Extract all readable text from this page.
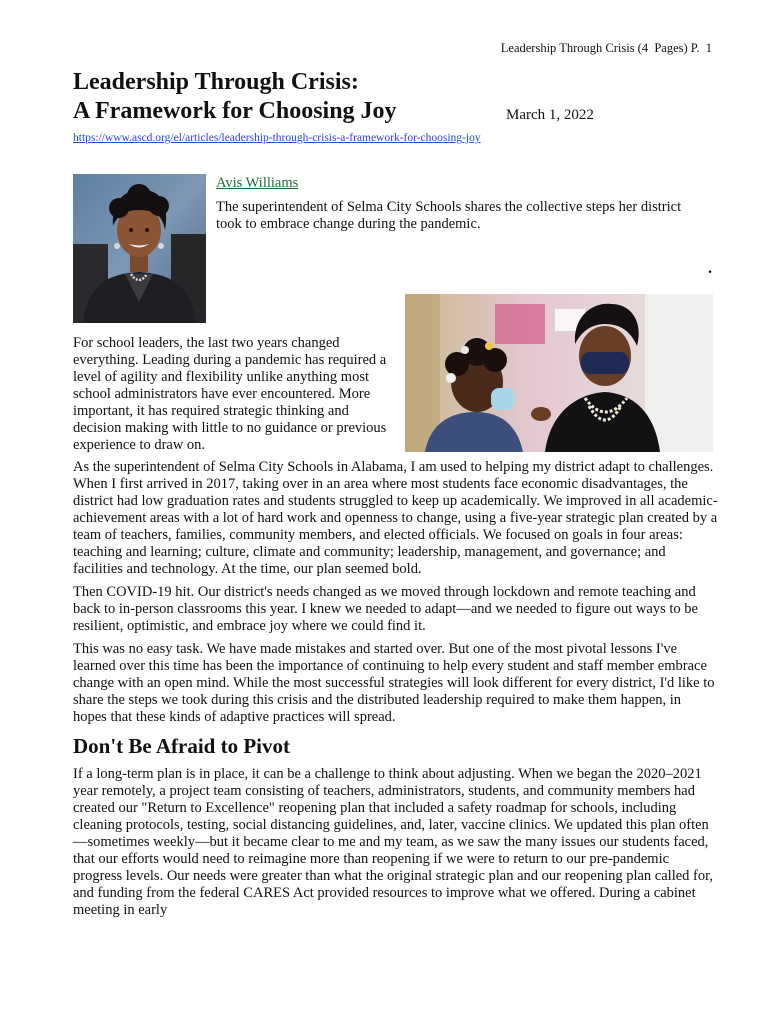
Leadership Through Crisis (4  Pages) P.  1
Leadership Through Crisis:
A Framework for Choosing Joy	March 1, 2022
https://www.ascd.org/el/articles/leadership-through-crisis-a-framework-for-choosing-joy
Avis Williams
The superintendent of Selma City Schools shares the collective steps her district took to embrace change during the pandemic.
.

For school leaders, the last two years changed everything. Leading during a pandemic has required a level of agility and flexibility unlike anything most school administrators have ever encountered. More important, it has required strategic thinking and decision making with little to no guidance or previous experience to draw on.

As the superintendent of Selma City Schools in Alabama, I am used to helping my district adapt to challenges. When I first arrived in 2017, taking over in an area where most students face economic disadvantages, the district had low graduation rates and students struggled to keep up academically. We improved in all academic-achievement areas with a lot of hard work and openness to change, using a five-year strategic plan created by a team of teachers, families, community members, and elected officials. We focused on goals in four areas: teaching and learning; culture, climate and community; leadership, management, and governance; and facilities and technology. At the time, our plan seemed bold.

Then COVID-19 hit. Our district's needs changed as we moved through lockdown and remote teaching and back to in-person classrooms this year. I knew we needed to adapt—and we needed to figure out ways to be resilient, optimistic, and embrace joy where we could find it.

This was no easy task. We have made mistakes and started over. But one of the most pivotal lessons I've learned over this time has been the importance of continuing to help every student and staff member embrace change with an open mind. While the most successful strategies will look different for every district, I'd like to share the steps we took during this crisis and the distributed leadership required to make them happen, in hopes that these kinds of adaptive practices will spread.

Don't Be Afraid to Pivot

If a long-term plan is in place, it can be a challenge to think about adjusting. When we began the 2020–2021 year remotely, a project team consisting of teachers, administrators, students, and community members had created our "Return to Excellence" reopening plan that included a safety roadmap for schools, including cleaning protocols, testing, social distancing guidelines, and, later, vaccine clinics. We updated this plan often—sometimes weekly—but it became clear to me and my team, as we saw the many issues our students faced, that our efforts would need to reimagine more than reopening if we were to return to our pre-pandemic progress levels. Our needs were greater than what the original strategic plan and our reopening plan called for, and funding from the federal CARES Act provided resources to improve what we offered. During a cabinet meeting in early
